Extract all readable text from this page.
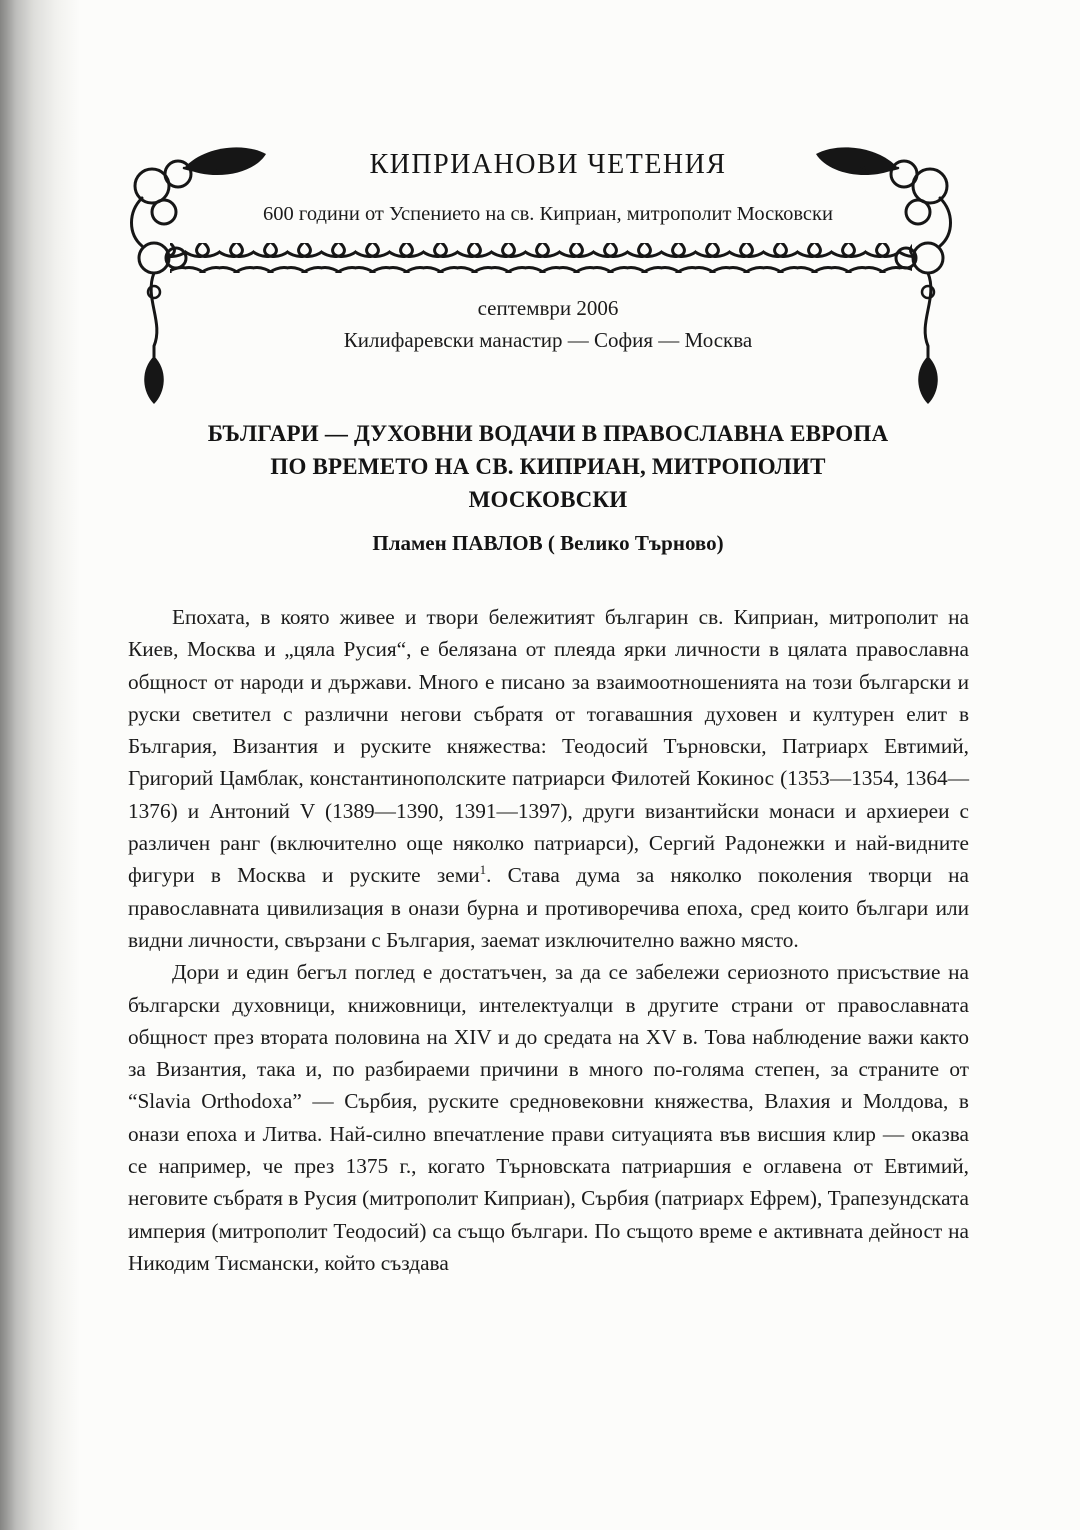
КИПРИАНОВИ ЧЕТЕНИЯ
600 години от Успението на св. Киприан, митрополит Московски
септември 2006
Килифаревски манастир — София — Москва
БЪЛГАРИ — ДУХОВНИ ВОДАЧИ В ПРАВОСЛАВНА ЕВРОПА
ПО ВРЕМЕТО НА СВ. КИПРИАН, МИТРОПОЛИТ
МОСКОВСКИ
Пламен ПАВЛОВ ( Велико Търново)

Епохата, в която живее и твори бележитият българин св. Киприан, митрополит на Киев, Москва и „цяла Русия“, е белязана от плеяда ярки личности в цялата православна общност от народи и държави. Много е писано за взаимоотношенията на този български и руски светител с различни негови събратя от тогавашния духовен и културен елит в България, Византия и руските княжества: Теодосий Търновски, Патриарх Евтимий, Григорий Цамблак, константинополските патриарси Филотей Кокинос (1353—1354, 1364—1376) и Антоний V (1389—1390, 1391—1397), други византийски монаси и архиереи с различен ранг (включително още няколко патриарси), Сергий Радонежки и най-видните фигури в Москва и руските земи$^1$. Става дума за няколко поколения творци на православната цивилизация в онази бурна и противоречива епоха, сред които българи или видни личности, свързани с България, заемат изключително важно място.

Дори и един бегъл поглед е достатъчен, за да се забележи сериозното присъствие на български духовници, книжовници, интелектуалци в другите страни от православната общност през втората половина на XIV и до средата на XV в. Това наблюдение важи както за Византия, така и, по разбираеми причини в много по-голяма степен, за страните от “Slavia Orthodoxa” — Сърбия, руските средновековни княжества, Влахия и Молдова, в онази епоха и Литва. Най-силно впечатление прави ситуацията във висшия клир — оказва се например, че през 1375 г., когато Търновската патриаршия е оглавена от Евтимий, неговите събратя в Русия (митрополит Киприан), Сърбия (патриарх Ефрем), Трапезундската империя (митрополит Теодосий) са също българи. По същото време е активната дейност на Никодим Тисмански, който създава
